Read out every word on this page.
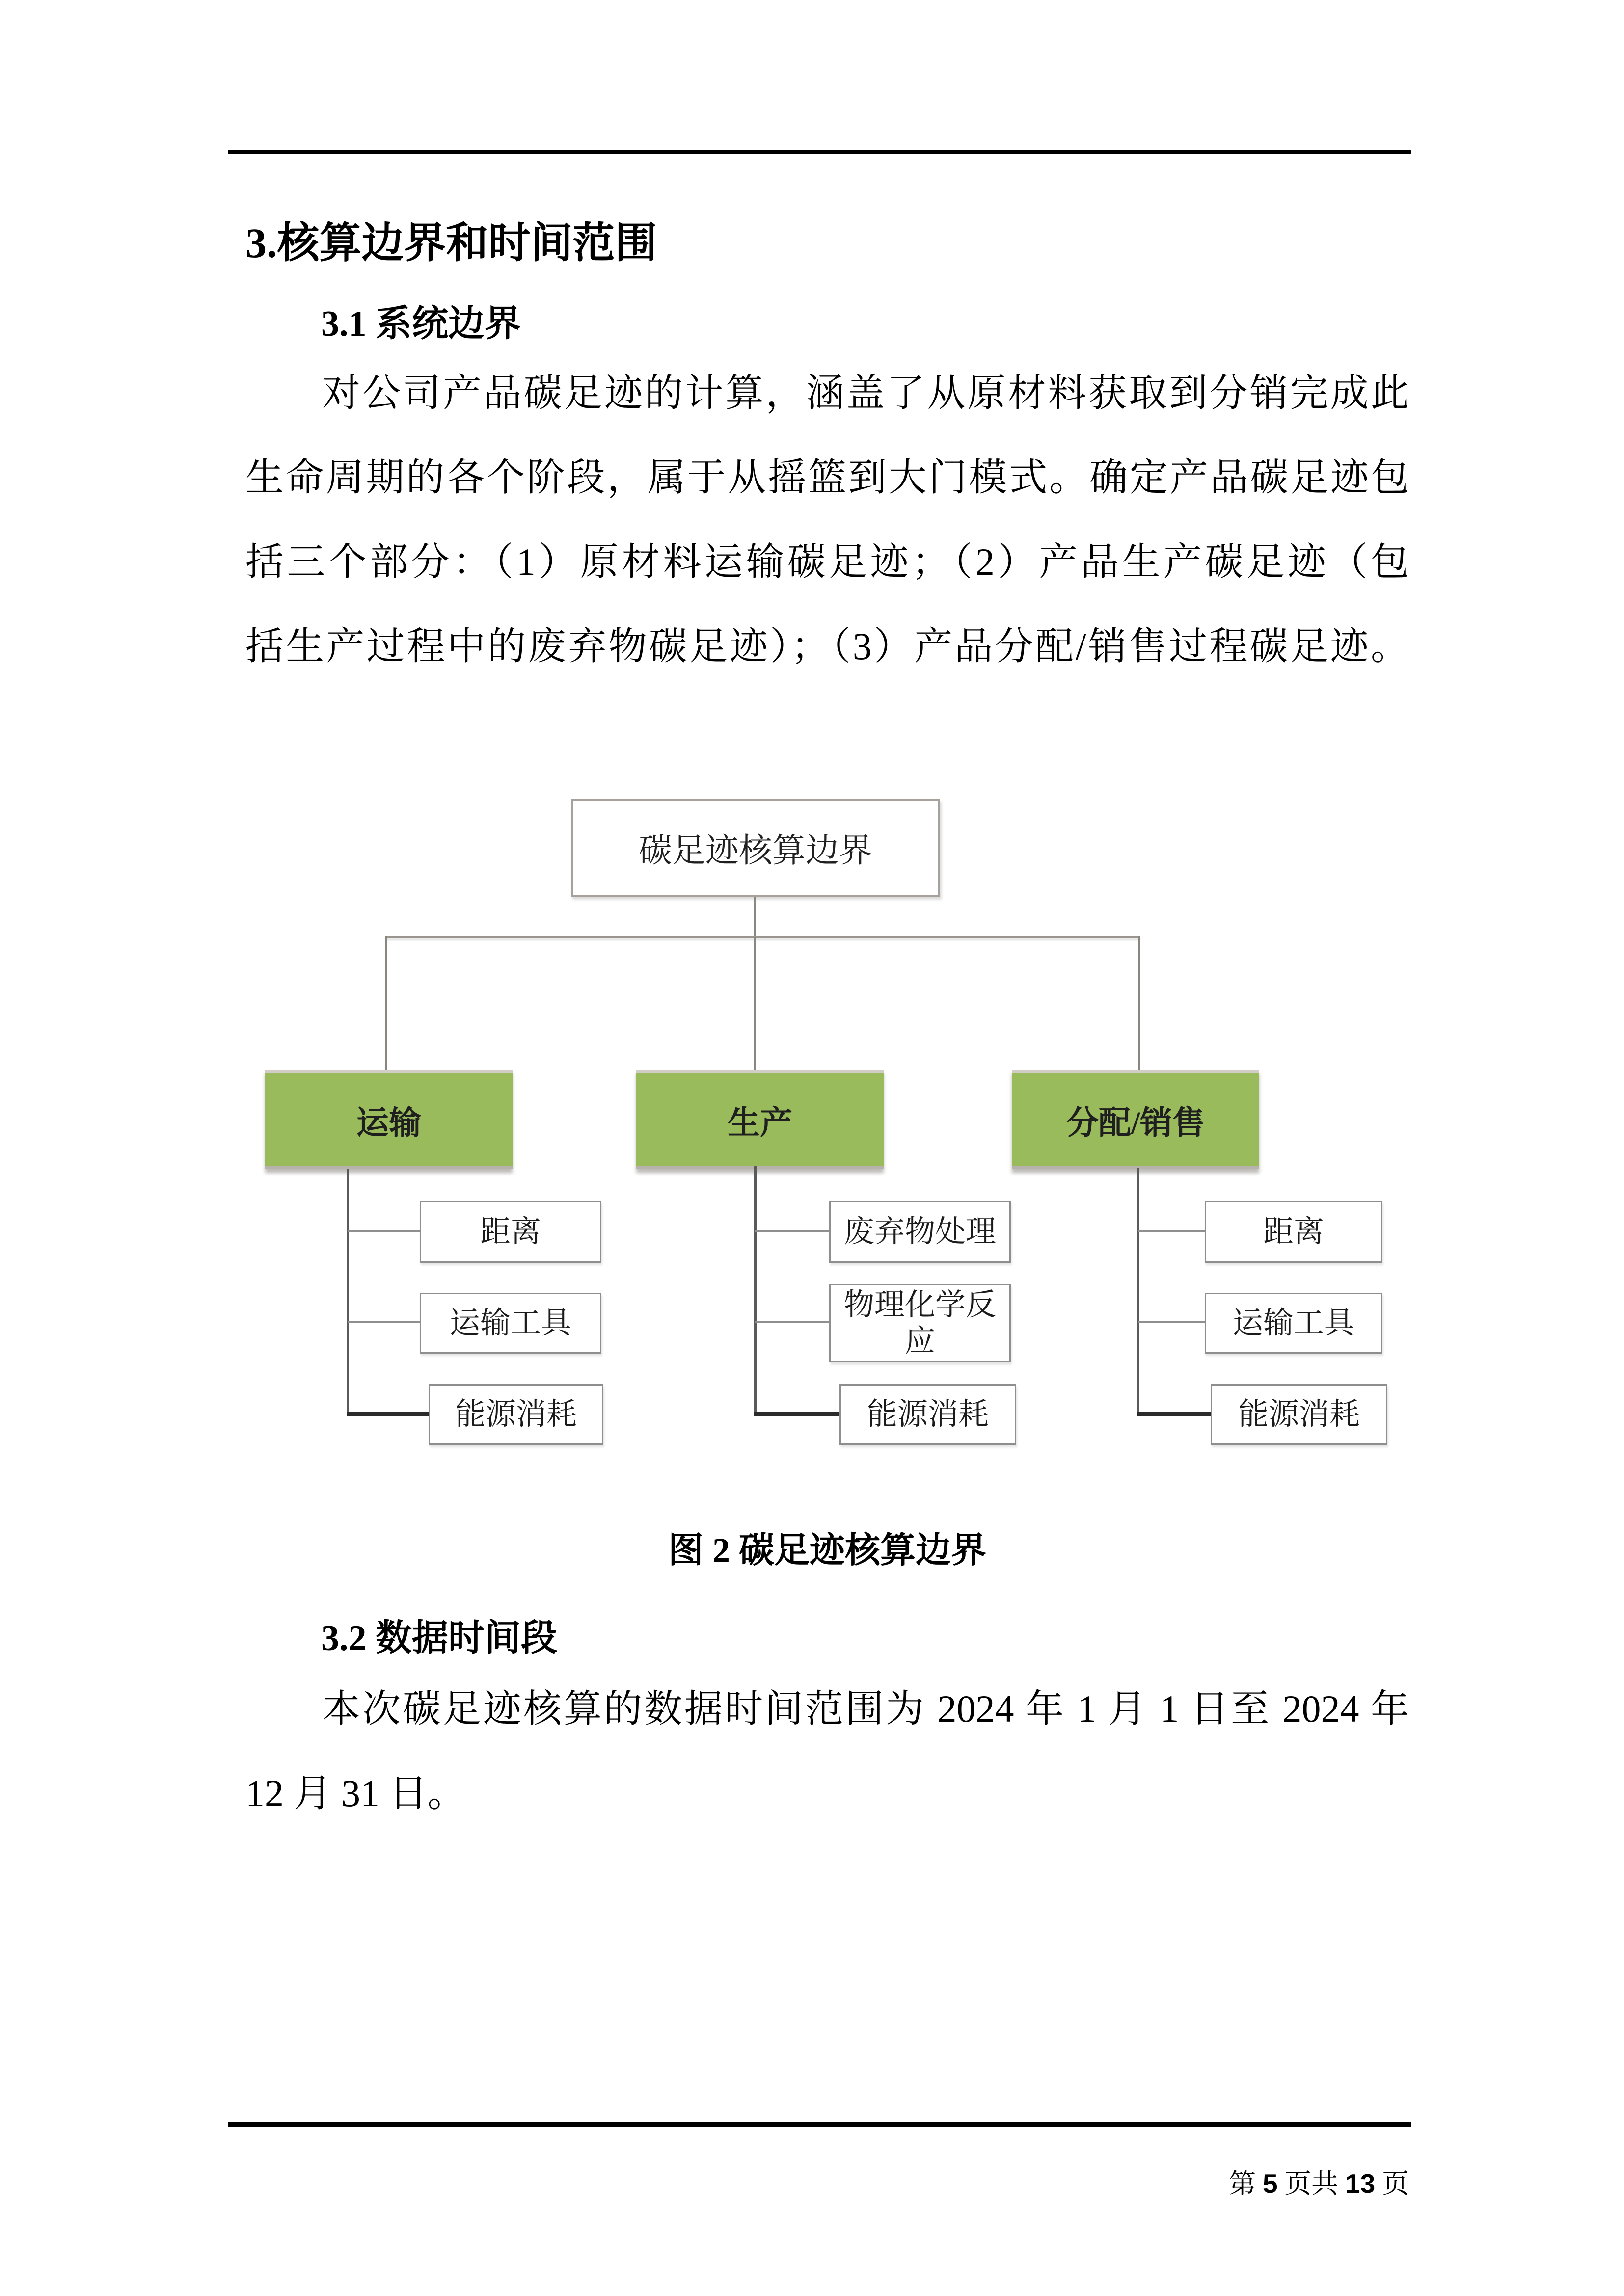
3.核算边界和时间范围
3.1 系统边界
对公司产品碳足迹的计算，涵盖了从原材料获取到分销完成此
生命周期的各个阶段，属于从摇篮到大门模式。确定产品碳足迹包
括三个部分：（1）原材料运输碳足迹；（2）产品生产碳足迹（包
括生产过程中的废弃物碳足迹）；（3）产品分配/销售过程碳足迹。
碳足迹核算边界
运输	生产	分配/销售
距离
运输工具
能源消耗
废弃物处理
物理化学反应
能源消耗
距离
运输工具
能源消耗
图 2 碳足迹核算边界
3.2 数据时间段
本次碳足迹核算的数据时间范围为 2024 年 1 月 1 日至 2024 年
12 月 31 日。

第 5 页共 13 页
